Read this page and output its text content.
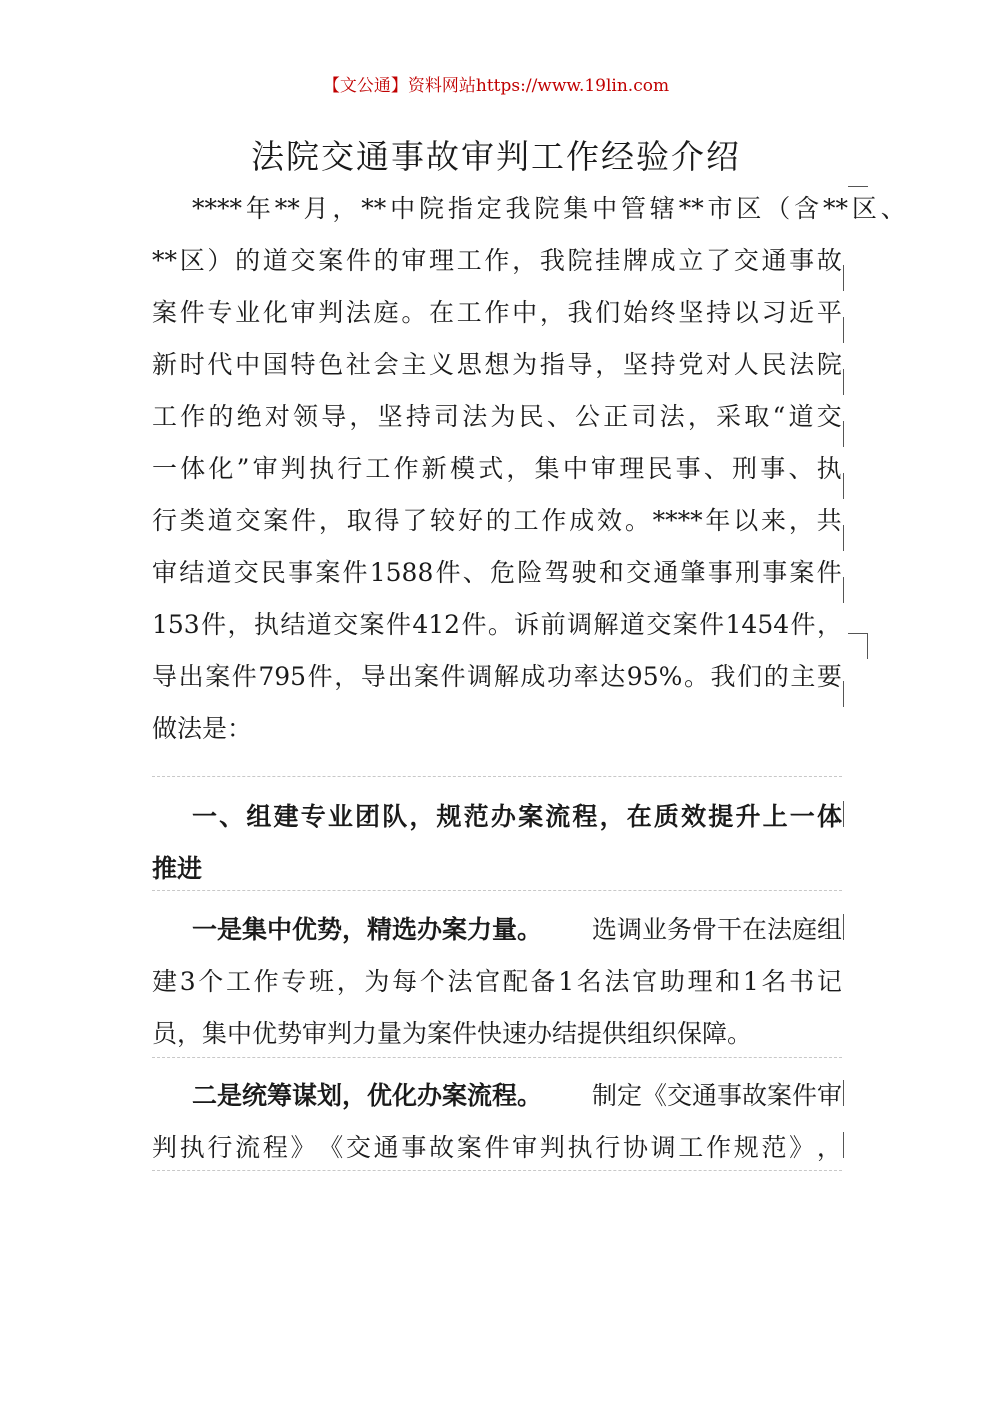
【文公通】资料网站https://www.19lin.com
法院交通事故审判工作经验介绍
**** 年 ** 月 ， ** 中 院 指 定 我 院 集 中 管 辖 ** 市 区 （ 含 ** 区 、
** 区 ） 的 道 交 案 件 的 审 理 工 作 ， 我 院 挂 牌 成 立 了 交 通 事 故
案 件 专 业 化 审 判 法 庭 。 在 工 作 中 ， 我 们 始 终 坚 持 以 习 近 平
新 时 代 中 国 特 色 社 会 主 义 思 想 为 指 导 ， 坚 持 党 对 人 民 法 院
工 作 的 绝 对 领 导 ， 坚 持 司 法 为 民 、 公 正 司 法 ， 采 取 “ 道 交
一 体 化 ” 审 判 执 行 工 作 新 模 式 ， 集 中 审 理 民 事 、 刑 事 、 执
行 类 道 交 案 件 ， 取 得 了 较 好 的 工 作 成 效 。 **** 年 以 来 ， 共
审 结 道 交 民 事 案 件 1588 件 、 危 险 驾 驶 和 交 通 肇 事 刑 事 案 件
153 件 ， 执 结 道 交 案 件 412 件 。 诉 前 调 解 道 交 案 件 1454 件 ，
导 出 案 件 795 件 ， 导 出 案 件 调 解 成 功 率 达 95% 。 我 们 的 主 要
做法是：
一 、 组 建 专 业 团 队 ， 规 范 办 案 流 程 ， 在 质 效 提 升 上 一 体
推进
一是集中优势，精选办案力量。 选调业务骨干在法庭组
建 3 个 工 作 专 班 ， 为 每 个 法 官 配 备 1 名 法 官 助 理 和 1 名 书 记
员，集中优势审判力量为案件快速办结提供组织保障。
二是统筹谋划，优化办案流程。 制定《交通事故案件审
判 执 行 流 程 》 《 交 通 事 故 案 件 审 判 执 行 协 调 工 作 规 范 》 ，
